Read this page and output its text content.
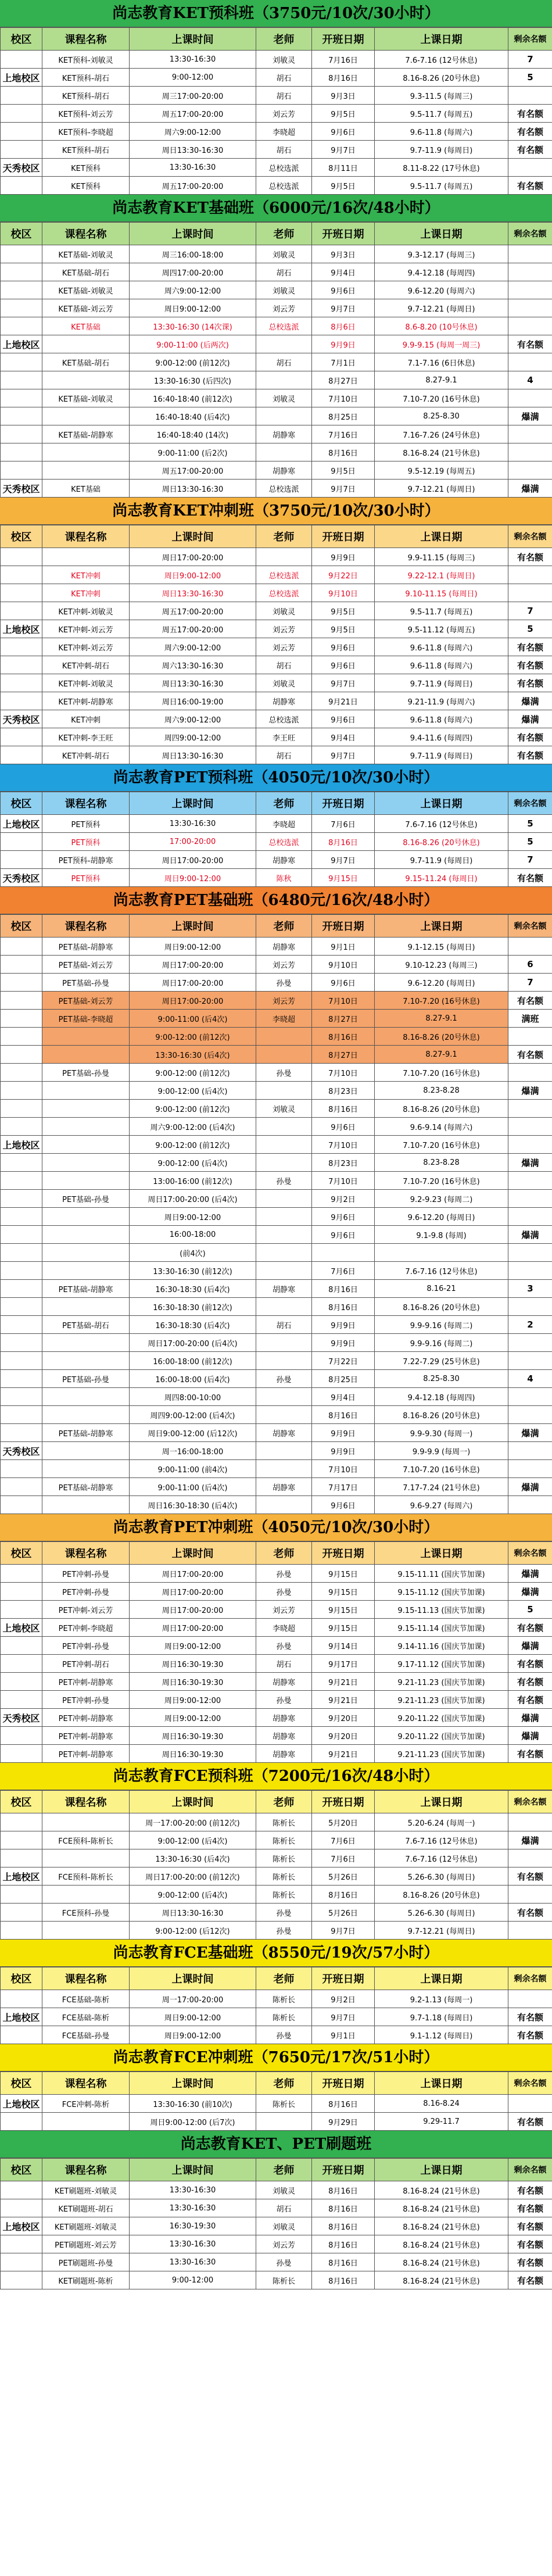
尚志教育KET预科班（3750元/10次/30小时）
校区	课程名称	上课时间	老师	开班日期	上课日期	剩余名额
	KET预科-刘敏灵	13:30-16:30	刘敏灵	7月16日	7.6-7.16 (12号休息)	7
上地校区	KET预科-胡石	9:00-12:00	胡石	8月16日	8.16-8.26 (20号休息)	5
	KET预科-胡石	周三17:00-20:00	胡石	9月3日	9.3-11.5 (每周三)	
	KET预科-刘云芳	周五17:00-20:00	刘云芳	9月5日	9.5-11.7 (每周五)	有名额
	KET预科-李晓超	周六9:00-12:00	李晓超	9月6日	9.6-11.8 (每周六)	有名额
	KET预科-胡石	周日13:30-16:30	胡石	9月7日	9.7-11.9 (每周日)	有名额
天秀校区	KET预科	13:30-16:30	总校选派	8月11日	8.11-8.22 (17号休息)	
	KET预科	周五17:00-20:00	总校选派	9月5日	9.5-11.7 (每周五)	有名额
尚志教育KET基础班（6000元/16次/48小时）
校区	课程名称	上课时间	老师	开班日期	上课日期	剩余名额
	KET基础-刘敏灵	周三16:00-18:00	刘敏灵	9月3日	9.3-12.17 (每周三)	
	KET基础-胡石	周四17:00-20:00	胡石	9月4日	9.4-12.18 (每周四)	
	KET基础-刘敏灵	周六9:00-12:00	刘敏灵	9月6日	9.6-12.20 (每周六)	
	KET基础-刘云芳	周日9:00-12:00	刘云芳	9月7日	9.7-12.21 (每周日)	
	KET基础	13:30-16:30 (14次课)	总校选派	8月6日	8.6-8.20 (10号休息)	
上地校区		9:00-11:00 (后两次)		9月9日	9.9-9.15 (每周一周三)	有名额
	KET基础-胡石	9:00-12:00 (前12次)	胡石	7月1日	7.1-7.16 (6日休息)	
		13:30-16:30 (后四次)		8月27日	8.27-9.1	4
	KET基础-刘敏灵	16:40-18:40 (前12次)	刘敏灵	7月10日	7.10-7.20 (16号休息)	
		16:40-18:40 (后4次)		8月25日	8.25-8.30	爆满
	KET基础-胡静寒	16:40-18:40 (14次)	胡静寒	7月16日	7.16-7.26 (24号休息)	
		9:00-11:00 (后2次)		8月16日	8.16-8.24 (21号休息)	
		周五17:00-20:00	胡静寒	9月5日	9.5-12.19 (每周五)	
天秀校区	KET基础	周日13:30-16:30	总校选派	9月7日	9.7-12.21 (每周日)	爆满
尚志教育KET冲刺班（3750元/10次/30小时）
校区	课程名称	上课时间	老师	开班日期	上课日期	剩余名额
		周日17:00-20:00		9月9日	9.9-11.15 (每周三)	有名额
	KET冲刺	周日9:00-12:00	总校选派	9月22日	9.22-12.1 (每周日)	
	KET冲刺	周日13:30-16:30	总校选派	9月10日	9.10-11.15 (每周日)	
	KET冲刺-刘敏灵	周五17:00-20:00	刘敏灵	9月5日	9.5-11.7 (每周五)	7
上地校区	KET冲刺-刘云芳	周五17:00-20:00	刘云芳	9月5日	9.5-11.12 (每周五)	5
	KET冲刺-刘云芳	周六9:00-12:00	刘云芳	9月6日	9.6-11.8 (每周六)	有名额
	KET冲刺-胡石	周六13:30-16:30	胡石	9月6日	9.6-11.8 (每周六)	有名额
	KET冲刺-刘敏灵	周日13:30-16:30	刘敏灵	9月7日	9.7-11.9 (每周日)	有名额
	KET冲刺-胡静寒	周日16:00-19:00	胡静寒	9月21日	9.21-11.9 (每周六)	爆满
天秀校区	KET冲刺	周六9:00-12:00	总校选派	9月6日	9.6-11.8 (每周六)	爆满
	KET冲刺-李王旺	周四9:00-12:00	李王旺	9月4日	9.4-11.6 (每周四)	有名额
	KET冲刺-胡石	周日13:30-16:30	胡石	9月7日	9.7-11.9 (每周日)	有名额
尚志教育PET预科班（4050元/10次/30小时）
校区	课程名称	上课时间	老师	开班日期	上课日期	剩余名额
上地校区	PET预科	13:30-16:30	李晓超	7月6日	7.6-7.16 (12号休息)	5
	PET预科	17:00-20:00	总校选派	8月16日	8.16-8.26 (20号休息)	5
	PET预科-胡静寒	周日17:00-20:00	胡静寒	9月7日	9.7-11.9 (每周日)	7
天秀校区	PET预科	周日9:00-12:00	陈秋	9月15日	9.15-11.24 (每周日)	有名额
尚志教育PET基础班（6480元/16次/48小时）
校区	课程名称	上课时间	老师	开班日期	上课日期	剩余名额
	PET基础-胡静寒	周日9:00-12:00	胡静寒	9月1日	9.1-12.15 (每周日)	
	PET基础-刘云芳	周日17:00-20:00	刘云芳	9月10日	9.10-12.23 (每周三)	6
	PET基础-孙曼	周日17:00-20:00	孙曼	9月6日	9.6-12.20 (每周日)	7
	PET基础-刘云芳	周日17:00-20:00	刘云芳	7月10日	7.10-7.20 (16号休息)	有名额
	PET基础-李晓超	9:00-11:00 (后4次)	李晓超	8月27日	8.27-9.1	满班
		9:00-12:00 (前12次)		8月16日	8.16-8.26 (20号休息)	
		13:30-16:30 (后4次)		8月27日	8.27-9.1	有名额
	PET基础-孙曼	9:00-12:00 (前12次)	孙曼	7月10日	7.10-7.20 (16号休息)	
		9:00-12:00 (后4次)		8月23日	8.23-8.28	爆满
		9:00-12:00 (前12次)	刘敏灵	8月16日	8.16-8.26 (20号休息)	
		周六9:00-12:00 (后4次)		9月6日	9.6-9.14 (每周六)	
上地校区		9:00-12:00 (前12次)		7月10日	7.10-7.20 (16号休息)	
		9:00-12:00 (后4次)		8月23日	8.23-8.28	爆满
		13:00-16:00 (前12次)	孙曼	7月10日	7.10-7.20 (16号休息)	
	PET基础-孙曼	周日17:00-20:00 (后4次)		9月2日	9.2-9.23 (每周二)	
		周日9:00-12:00		9月6日	9.6-12.20 (每周日)	
		16:00-18:00		9月6日	9.1-9.8 (每周)	爆满
		(前4次)				
		13:30-16:30 (前12次)		7月6日	7.6-7.16 (12号休息)	
	PET基础-胡静寒	16:30-18:30 (后4次)	胡静寒	8月16日	8.16-21	3
		16:30-18:30 (前12次)		8月16日	8.16-8.26 (20号休息)	
	PET基础-胡石	16:30-18:30 (后4次)	胡石	9月9日	9.9-9.16 (每周二)	2
		周日17:00-20:00 (后4次)		9月9日	9.9-9.16 (每周二)	
		16:00-18:00 (前12次)		7月22日	7.22-7.29 (25号休息)	
	PET基础-孙曼	16:00-18:00 (后4次)	孙曼	8月25日	8.25-8.30	4
		周四8:00-10:00		9月4日	9.4-12.18 (每周四)	
		周四9:00-12:00 (后4次)		8月16日	8.16-8.26 (20号休息)	
	PET基础-胡静寒	周日9:00-12:00 (后12次)	胡静寒	9月9日	9.9-9.30 (每周一)	爆满
天秀校区		周一16:00-18:00		9月9日	9.9-9.9 (每周一)	
		9:00-11:00 (前4次)		7月10日	7.10-7.20 (16号休息)	
	PET基础-胡静寒	9:00-11:00 (后4次)	胡静寒	7月17日	7.17-7.24 (21号休息)	爆满
		周日16:30-18:30 (后4次)		9月6日	9.6-9.27 (每周六)	
尚志教育PET冲刺班（4050元/10次/30小时）
校区	课程名称	上课时间	老师	开班日期	上课日期	剩余名额
	PET冲刺-孙曼	周日17:00-20:00	孙曼	9月15日	9.15-11.11 (国庆节加课)	爆满
	PET冲刺-孙曼	周日17:00-20:00	孙曼	9月15日	9.15-11.12 (国庆节加课)	爆满
	PET冲刺-刘云芳	周日17:00-20:00	刘云芳	9月15日	9.15-11.13 (国庆节加课)	5
上地校区	PET冲刺-李晓超	周日17:00-20:00	李晓超	9月15日	9.15-11.14 (国庆节加课)	有名额
	PET冲刺-孙曼	周日9:00-12:00	孙曼	9月14日	9.14-11.16 (国庆节加课)	爆满
	PET冲刺-胡石	周日16:30-19:30	胡石	9月17日	9.17-11.12 (国庆节加课)	有名额
	PET冲刺-胡静寒	周日16:30-19:30	胡静寒	9月21日	9.21-11.23 (国庆节加课)	有名额
	PET冲刺-孙曼	周日9:00-12:00	孙曼	9月21日	9.21-11.23 (国庆节加课)	有名额
天秀校区	PET冲刺-胡静寒	周日9:00-12:00	胡静寒	9月20日	9.20-11.22 (国庆节加课)	爆满
	PET冲刺-胡静寒	周日16:30-19:30	胡静寒	9月20日	9.20-11.22 (国庆节加课)	爆满
	PET冲刺-胡静寒	周日16:30-19:30	胡静寒	9月21日	9.21-11.23 (国庆节加课)	有名额
尚志教育FCE预科班（7200元/16次/48小时）
校区	课程名称	上课时间	老师	开班日期	上课日期	剩余名额
		周一17:00-20:00 (前12次)	陈析长	5月20日	5.20-6.24 (每周一)	
	FCE预科-陈析长	9:00-12:00 (后4次)	陈析长	7月6日	7.6-7.16 (12号休息)	爆满
		13:30-16:30 (后4次)	陈析长	7月6日	7.6-7.16 (12号休息)	
上地校区	FCE预科-陈析长	周日17:00-20:00 (前12次)	陈析长	5月26日	5.26-6.30 (每周日)	有名额
		9:00-12:00 (后4次)	陈析长	8月16日	8.16-8.26 (20号休息)	
	FCE预科-孙曼	周日13:30-16:30	孙曼	5月26日	5.26-6.30 (每周日)	有名额
		9:00-12:00 (后12次)	孙曼	9月7日	9.7-12.21 (每周日)	
尚志教育FCE基础班（8550元/19次/57小时）
校区	课程名称	上课时间	老师	开班日期	上课日期	剩余名额
	FCE基础-陈析	周一17:00-20:00	陈析长	9月2日	9.2-1.13 (每周一)	
上地校区	FCE基础-陈析	周日9:00-12:00	陈析长	9月7日	9.7-1.18 (每周日)	有名额
	FCE基础-孙曼	周日9:00-12:00	孙曼	9月1日	9.1-1.12 (每周日)	有名额
尚志教育FCE冲刺班（7650元/17次/51小时）
校区	课程名称	上课时间	老师	开班日期	上课日期	剩余名额
上地校区	FCE冲刺-陈析	13:30-16:30 (前10次)	陈析长	8月16日	8.16-8.24	
		周日9:00-12:00 (后7次)		9月29日	9.29-11.7	有名额
尚志教育KET、PET刷题班
校区	课程名称	上课时间	老师	开班日期	上课日期	剩余名额
	KET刷题班-刘敏灵	13:30-16:30	刘敏灵	8月16日	8.16-8.24 (21号休息)	有名额
	KET刷题班-胡石	13:30-16:30	胡石	8月16日	8.16-8.24 (21号休息)	有名额
上地校区	KET刷题班-刘敏灵	16:30-19:30	刘敏灵	8月16日	8.16-8.24 (21号休息)	有名额
	PET刷题班-刘云芳	13:30-16:30	刘云芳	8月16日	8.16-8.24 (21号休息)	有名额
	PET刷题班-孙曼	13:30-16:30	孙曼	8月16日	8.16-8.24 (21号休息)	有名额
	KET刷题班-陈析	9:00-12:00	陈析长	8月16日	8.16-8.24 (21号休息)	有名额
